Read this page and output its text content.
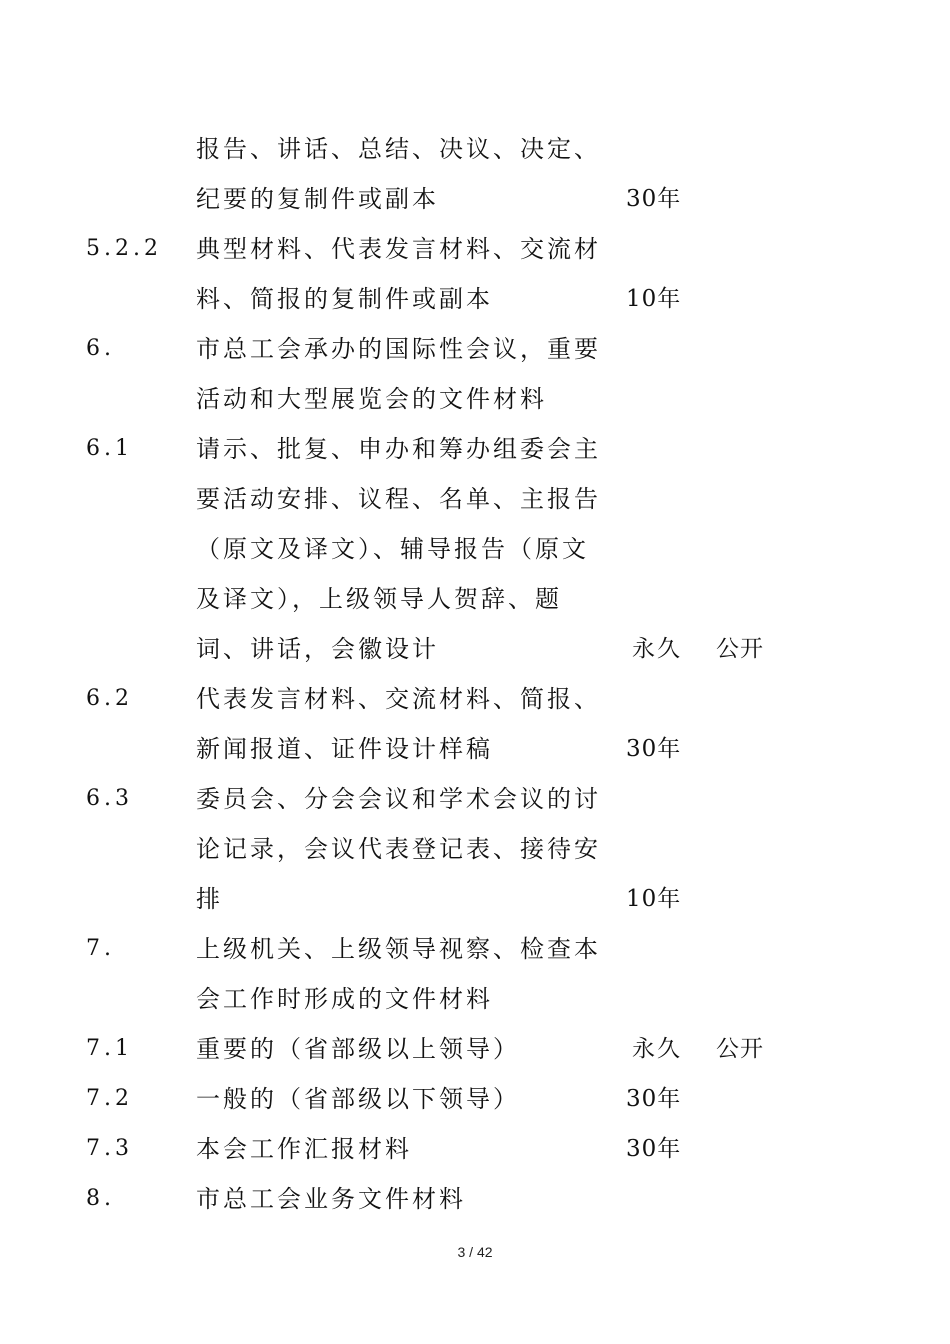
报告、讲话、总结、决议、决定、
纪要的复制件或副本	30年
5.2.2 典型材料、代表发言材料、交流材
料、简报的复制件或副本	10年
6.	市总工会承办的国际性会议，重要
活动和大型展览会的文件材料
6.1	请示、批复、申办和筹办组委会主
要活动安排、议程、名单、主报告
（原文及译文）、辅导报告（原文
及译文），上级领导人贺辞、题
词、讲话，会徽设计	永久 公开
6.2	代表发言材料、交流材料、简报、
新闻报道、证件设计样稿	30年
6.3	委员会、分会会议和学术会议的讨
论记录，会议代表登记表、接待安
排	10年
7.	上级机关、上级领导视察、检查本
会工作时形成的文件材料
7.1	重要的（省部级以上领导）	永久 公开
7.2	一般的（省部级以下领导）	30年
7.3	本会工作汇报材料	30年
8.	市总工会业务文件材料
3 / 42
